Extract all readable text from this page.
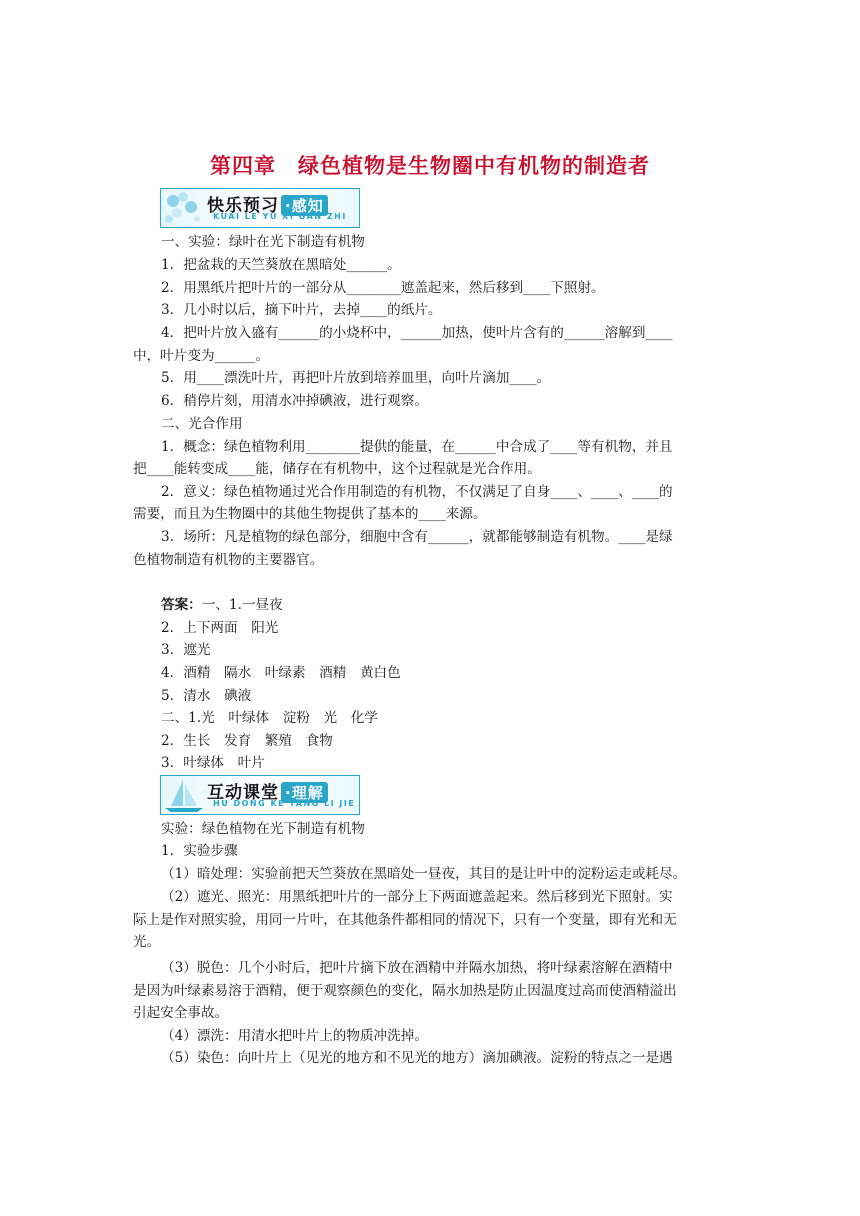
第四章　绿色植物是生物圈中有机物的制造者
快乐预习 ·感知
KUAI LE YU XI GAN ZHI
一、实验：绿叶在光下制造有机物
1．把盆栽的天竺葵放在黑暗处______。
2．用黑纸片把叶片的一部分从________遮盖起来，然后移到____下照射。
3．几小时以后，摘下叶片，去掉____的纸片。
4．把叶片放入盛有______的小烧杯中，______加热，使叶片含有的______溶解到____
中，叶片变为______。
5．用____漂洗叶片，再把叶片放到培养皿里，向叶片滴加____。
6．稍停片刻，用清水冲掉碘液，进行观察。
二、光合作用
1．概念：绿色植物利用________提供的能量，在______中合成了____等有机物，并且
把____能转变成____能，储存在有机物中，这个过程就是光合作用。
2．意义：绿色植物通过光合作用制造的有机物，不仅满足了自身____、____、____的
需要，而且为生物圈中的其他生物提供了基本的____来源。
3．场所：凡是植物的绿色部分，细胞中含有______，就都能够制造有机物。____是绿
色植物制造有机物的主要器官。
答案：一、1.一昼夜
2．上下两面　阳光
3．遮光
4．酒精　隔水　叶绿素　酒精　黄白色
5．清水　碘液
二、1.光　叶绿体　淀粉　光　化学
2．生长　发育　繁殖　食物
3．叶绿体　叶片
互动课堂 ·理解
HU DONG KE TANG LI JIE
实验：绿色植物在光下制造有机物
1．实验步骤
（1）暗处理：实验前把天竺葵放在黑暗处一昼夜，其目的是让叶中的淀粉运走或耗尽。
（2）遮光、照光：用黑纸把叶片的一部分上下两面遮盖起来。然后移到光下照射。实
际上是作对照实验，用同一片叶，在其他条件都相同的情况下，只有一个变量，即有光和无
光。
（3）脱色：几个小时后，把叶片摘下放在酒精中并隔水加热，将叶绿素溶解在酒精中
是因为叶绿素易溶于酒精，便于观察颜色的变化，隔水加热是防止因温度过高而使酒精溢出
引起安全事故。
（4）漂洗：用清水把叶片上的物质冲洗掉。
（5）染色：向叶片上（见光的地方和不见光的地方）滴加碘液。淀粉的特点之一是遇
